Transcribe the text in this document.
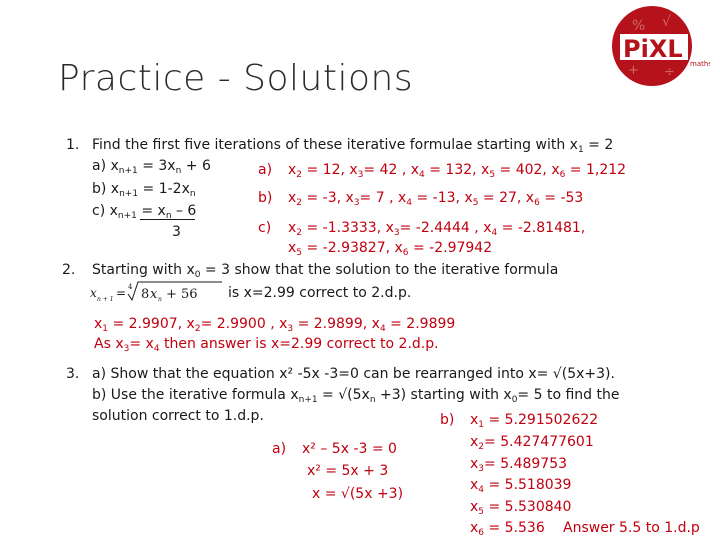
Practice - Solutions
% √
+ ÷
PiXL
maths
1. Find the first five iterations of these iterative formulae starting with $x_1 = 2$
a) $x_{n+1} = 3x_n + 6$
b) $x_{n+1} = 1-2x_n$
c) $x_{n+1} = x_n - 6$
3
a) $x_2 = 12$, $x_3= 42$ , $x_4 = 132$, $x_5 = 402$, $x_6 = 1,212$
b) $x_2 = -3$, $x_3= 7$ , $x_4 = -13$, $x_5 = 27$, $x_6 = -53$
c) $x_2 = -1.3333$, $x_3= -2.4444$ , $x_4 = -2.81481$,
$x_5 = -2.93827$, $x_6 = -2.97942$
2. Starting with $x_0 = 3$ show that the solution to the iterative formula
x n + 1 = 4 8 x n + 56 is x=2.99 correct to 2.d.p.
$x_1 = 2.9907$, $x_2= 2.9900$ , $x_3 = 2.9899$, $x_4 = 2.9899$
As $x_3= x_4$ then answer is x=2.99 correct to 2.d.p.
3. a) Show that the equation x² -5x -3=0 can be rearranged into x= √(5x+3).
b) Use the iterative formula $x_{n+1} = √(5x_n +3)$ starting with $x_0= 5$ to find the
solution correct to 1.d.p.
a) x² – 5x -3 = 0
x² = 5x + 3
x = √(5x +3)
b) $x_1 = 5.291502622$
$x_2= 5.427477601$
$x_3= 5.489753$
$x_4 = 5.518039$
$x_5 = 5.530840$
$x_6 = 5.536$ Answer 5.5 to 1.d.p
